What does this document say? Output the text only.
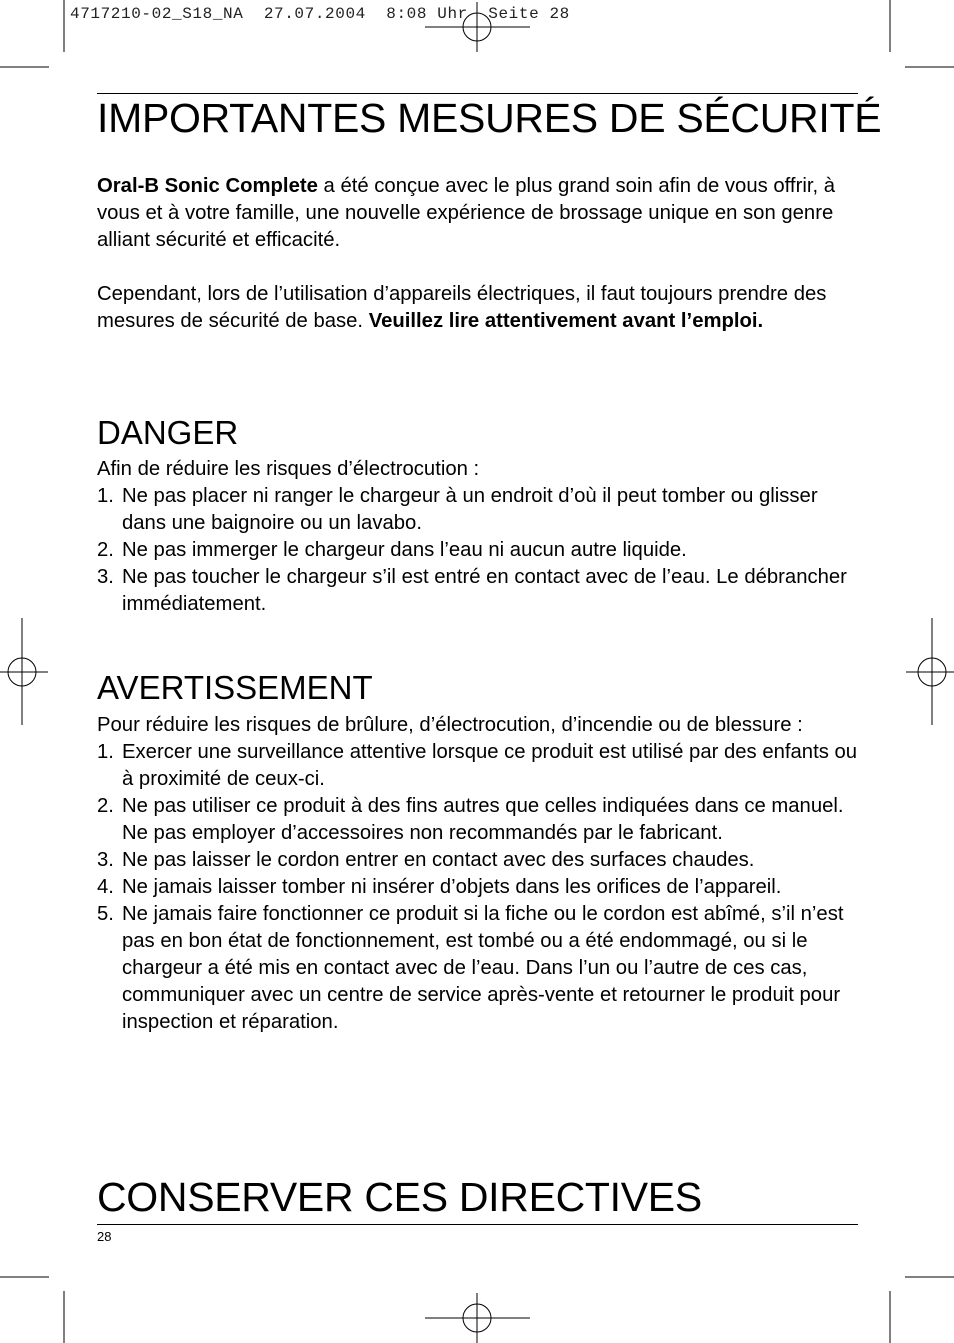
4717210-02_S18_NA  27.07.2004  8:08 Uhr  Seite 28
IMPORTANTES MESURES DE SÉCURITÉ

Oral-B Sonic Complete a été conçue avec le plus grand soin afin de vous offrir, à vous et à votre famille, une nouvelle expérience de brossage unique en son genre alliant sécurité et efficacité.

Cependant, lors de l’utilisation d’appareils électriques, il faut toujours prendre des mesures de sécurité de base. Veuillez lire attentivement avant l’emploi.

DANGER

Afin de réduire les risques d’électrocution :

1. Ne pas placer ni ranger le chargeur à un endroit d’où il peut tomber ou glisser dans une baignoire ou un lavabo.
2. Ne pas immerger le chargeur dans l’eau ni aucun autre liquide.
3. Ne pas toucher le chargeur s’il est entré en contact avec de l’eau. Le débrancher immédiatement.
AVERTISSEMENT

Pour réduire les risques de brûlure, d’électrocution, d’incendie ou de blessure :

1. Exercer une surveillance attentive lorsque ce produit est utilisé par des enfants ou à proximité de ceux-ci.
2. Ne pas utiliser ce produit à des fins autres que celles indiquées dans ce manuel. Ne pas employer d’accessoires non recommandés par le fabricant.
3. Ne pas laisser le cordon entrer en contact avec des surfaces chaudes.
4. Ne jamais laisser tomber ni insérer d’objets dans les orifices de l’appareil.
5. Ne jamais faire fonctionner ce produit si la fiche ou le cordon est abîmé, s’il n’est pas en bon état de fonctionnement, est tombé ou a été endommagé, ou si le chargeur a été mis en contact avec de l’eau. Dans l’un ou l’autre de ces cas, communiquer avec un centre de service après-vente et retourner le produit pour inspection et réparation.
CONSERVER CES DIRECTIVES
28
